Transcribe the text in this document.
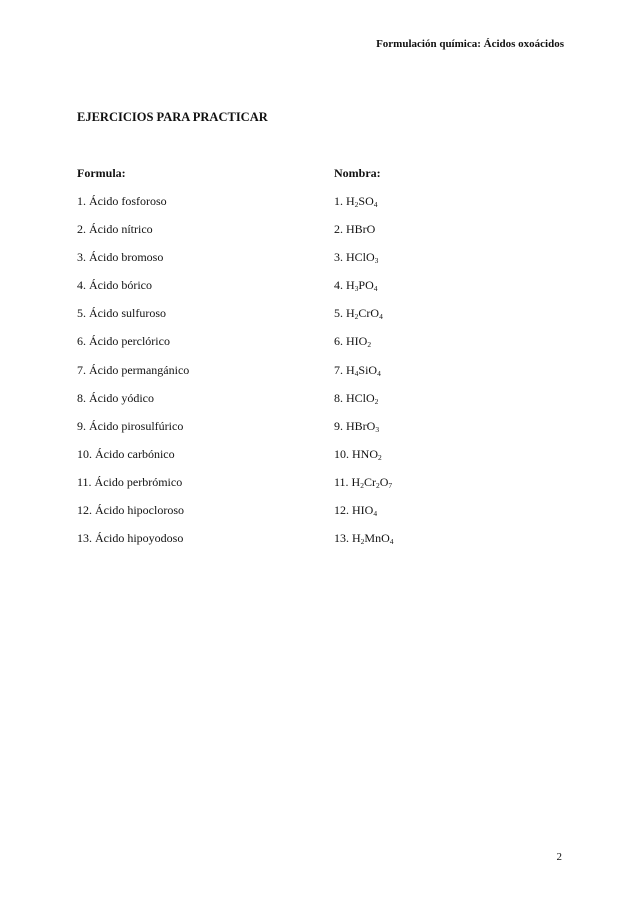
Formulación química: Ácidos oxoácidos
EJERCICIOS PARA PRACTICAR
Formula:
1. Ácido fosforoso
2. Ácido nítrico
3. Ácido bromoso
4. Ácido bórico
5. Ácido sulfuroso
6. Ácido perclórico
7. Ácido permangánico
8. Ácido yódico
9. Ácido pirosulfúrico
10. Ácido carbónico
11. Ácido perbrómico
12. Ácido hipocloroso
13. Ácido hipoyodoso
Nombra:
1. $H_2SO_4$
2. HBrO
3. HClO$_3$
4. $H_3PO_4$
5. $H_2CrO_4$
6. $HIO_2$
7. $H_4SiO_4$
8. HClO$_2$
9. HBrO$_3$
10. $HNO_2$
11. $H_2Cr_2O_7$
12. $HIO_4$
13. $H_2MnO_4$
2
